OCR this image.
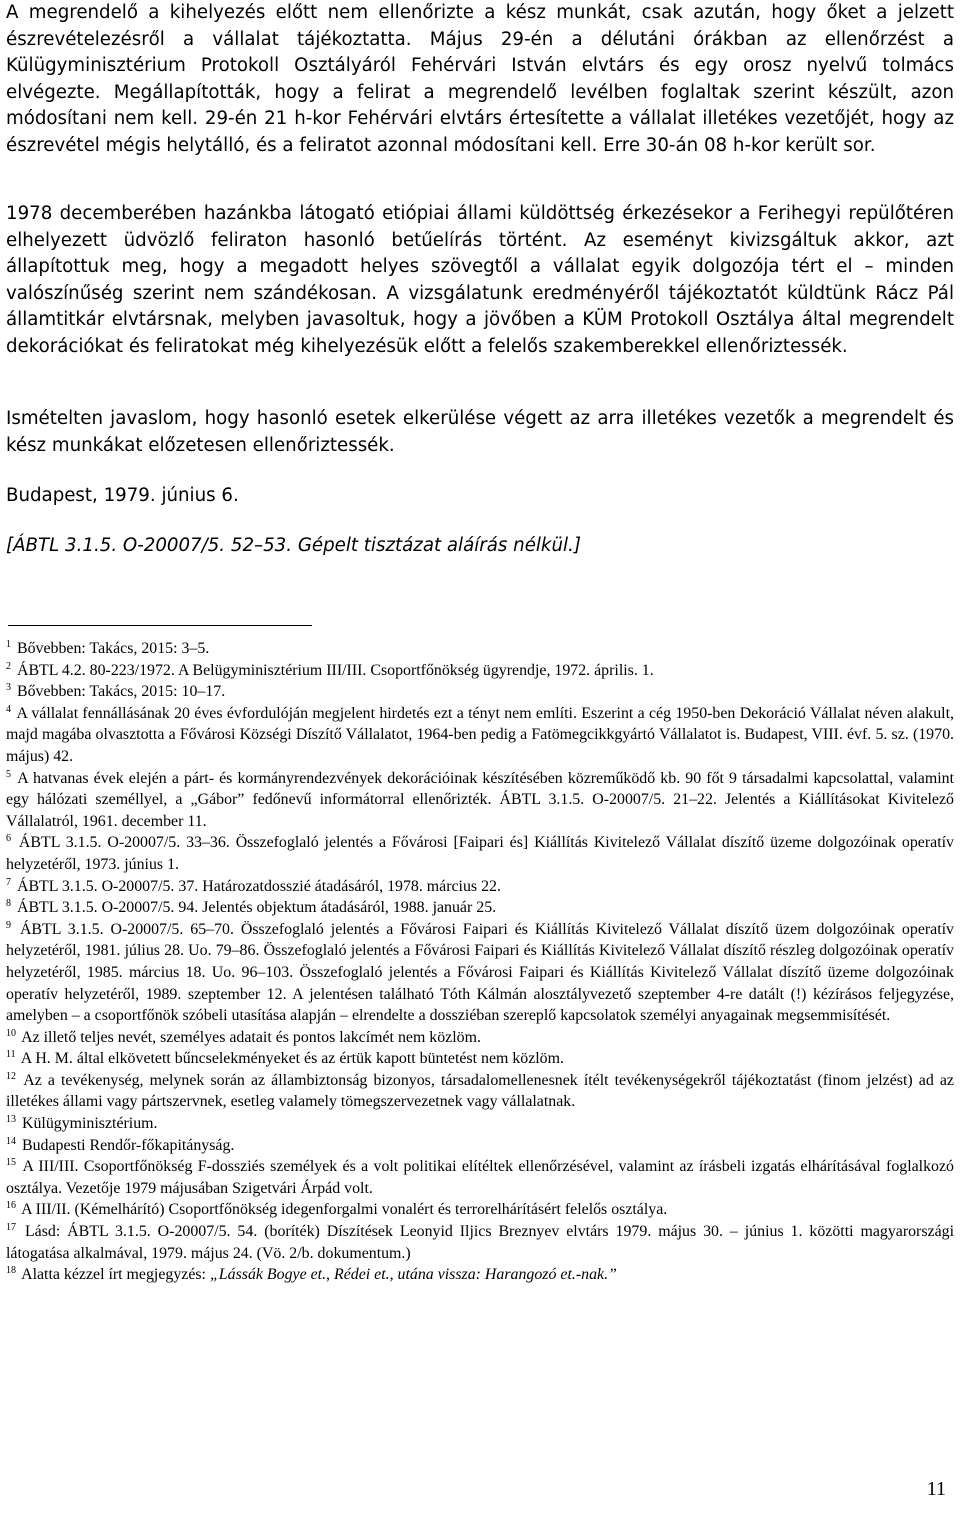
A megrendelő a kihelyezés előtt nem ellenőrizte a kész munkát, csak azután, hogy őket a jelzett észrevételezésről a vállalat tájékoztatta. Május 29-én a délutáni órákban az ellenőrzést a Külügyminisztérium Protokoll Osztályáról Fehérvári István elvtárs és egy orosz nyelvű tolmács elvégezte. Megállapították, hogy a felirat a megrendelő levélben foglaltak szerint készült, azon módosítani nem kell. 29-én 21 h-kor Fehérvári elvtárs értesítette a vállalat illetékes vezetőjét, hogy az észrevétel mégis helytálló, és a feliratot azonnal módosítani kell. Erre 30-án 08 h-kor került sor.

1978 decemberében hazánkba látogató etiópiai állami küldöttség érkezésekor a Ferihegyi repülőtéren elhelyezett üdvözlő feliraton hasonló betűelírás történt. Az eseményt kivizsgáltuk akkor, azt állapítottuk meg, hogy a megadott helyes szövegtől a vállalat egyik dolgozója tért el – minden valószínűség szerint nem szándékosan. A vizsgálatunk eredményéről tájékoztatót küldtünk Rácz Pál államtitkár elvtársnak, melyben javasoltuk, hogy a jövőben a KÜM Protokoll Osztálya által megrendelt dekorációkat és feliratokat még kihelyezésük előtt a felelős szakemberekkel ellenőriztessék.

Ismételten javaslom, hogy hasonló esetek elkerülése végett az arra illetékes vezetők a megrendelt és kész munkákat előzetesen ellenőriztessék.

Budapest, 1979. június 6.

[ÁBTL 3.1.5. O-20007/5. 52–53. Gépelt tisztázat aláírás nélkül.]

$^1$ Bővebben: Takács, 2015: 3–5.

$^2$ ÁBTL 4.2. 80-223/1972. A Belügyminisztérium III/III. Csoportfőnökség ügyrendje, 1972. április. 1.

$^3$ Bővebben: Takács, 2015: 10–17.

$^4$ A vállalat fennállásának 20 éves évfordulóján megjelent hirdetés ezt a tényt nem említi. Eszerint a cég 1950-ben Dekoráció Vállalat néven alakult, majd magába olvasztotta a Fővárosi Községi Díszítő Vállalatot, 1964-ben pedig a Fatömegcikkgyártó Vállalatot is. Budapest, VIII. évf. 5. sz. (1970. május) 42.

$^5$ A hatvanas évek elején a párt- és kormányrendezvények dekorációinak készítésében közreműködő kb. 90 főt 9 társadalmi kapcsolattal, valamint egy hálózati személlyel, a „Gábor” fedőnevű informátorral ellenőrizték. ÁBTL 3.1.5. O-20007/5. 21–22. Jelentés a Kiállításokat Kivitelező Vállalatról, 1961. december 11.

$^6$ ÁBTL 3.1.5. O-20007/5. 33–36. Összefoglaló jelentés a Fővárosi [Faipari és] Kiállítás Kivitelező Vállalat díszítő üzeme dolgozóinak operatív helyzetéről, 1973. június 1.

$^7$ ÁBTL 3.1.5. O-20007/5. 37. Határozatdosszié átadásáról, 1978. március 22.

$^8$ ÁBTL 3.1.5. O-20007/5. 94. Jelentés objektum átadásáról, 1988. január 25.

$^9$ ÁBTL 3.1.5. O-20007/5. 65–70. Összefoglaló jelentés a Fővárosi Faipari és Kiállítás Kivitelező Vállalat díszítő üzem dolgozóinak operatív helyzetéről, 1981. július 28. Uo. 79–86. Összefoglaló jelentés a Fővárosi Faipari és Kiállítás Kivitelező Vállalat díszítő részleg dolgozóinak operatív helyzetéről, 1985. március 18. Uo. 96–103. Összefoglaló jelentés a Fővárosi Faipari és Kiállítás Kivitelező Vállalat díszítő üzeme dolgozóinak operatív helyzetéről, 1989. szeptember 12. A jelentésen található Tóth Kálmán alosztályvezető szeptember 4-re datált (!) kézírásos feljegyzése, amelyben – a csoportfőnök szóbeli utasítása alapján – elrendelte a dossziéban szereplő kapcsolatok személyi anyagainak megsemmisítését.

$^{10}$ Az illető teljes nevét, személyes adatait és pontos lakcímét nem közlöm.

$^{11}$ A H. M. által elkövetett bűncselekményeket és az értük kapott büntetést nem közlöm.

$^{12}$ Az a tevékenység, melynek során az állambiztonság bizonyos, társadalomellenesnek ítélt tevékenységekről tájékoztatást (finom jelzést) ad az illetékes állami vagy pártszervnek, esetleg valamely tömegszervezetnek vagy vállalatnak.

$^{13}$ Külügyminisztérium.

$^{14}$ Budapesti Rendőr-főkapitányság.

$^{15}$ A III/III. Csoportfőnökség F-dossziés személyek és a volt politikai elítéltek ellenőrzésével, valamint az írásbeli izgatás elhárításával foglalkozó osztálya. Vezetője 1979 májusában Szigetvári Árpád volt.

$^{16}$ A III/II. (Kémelhárító) Csoportfőnökség idegenforgalmi vonalért és terrorelhárításért felelős osztálya.

$^{17}$ Lásd: ÁBTL 3.1.5. O-20007/5. 54. (boríték) Díszítések Leonyid Iljics Breznyev elvtárs 1979. május 30. – június 1. közötti magyarországi látogatása alkalmával, 1979. május 24. (Vö. 2/b. dokumentum.)

$^{18}$ Alatta kézzel írt megjegyzés: „Lássák Bogye et., Rédei et., utána vissza: Harangozó et.-nak.”

11
